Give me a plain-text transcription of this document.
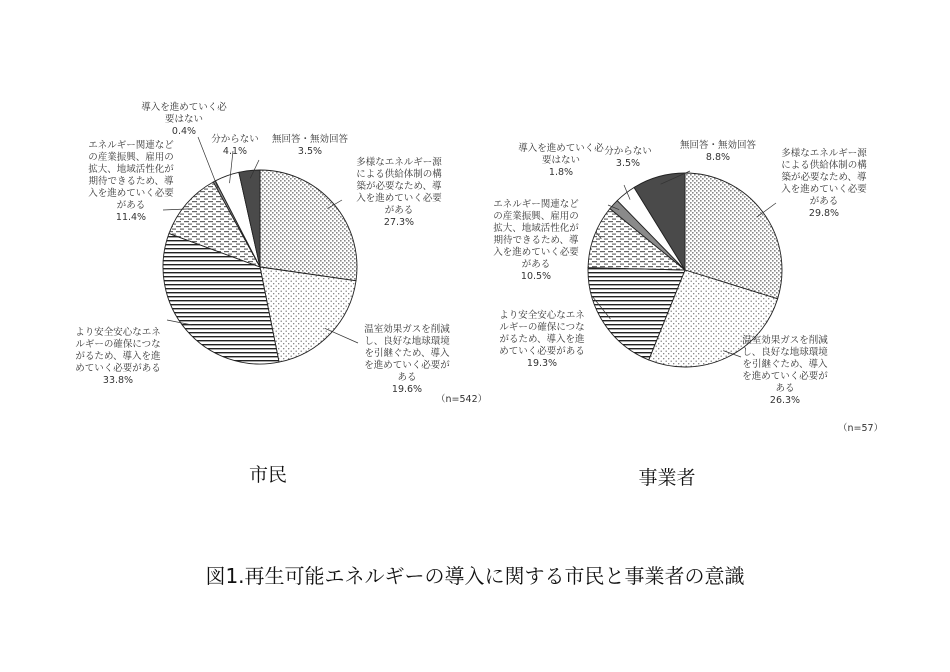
多様なエネルギー源による供給体制の構築が必要なため、導入を進めていく必要がある 27.3%
温室効果ガスを削減し、良好な地球環境を引継ぐため、導入を進めていく必要がある 19.6%
より安全安心なエネルギーの確保につながるため、導入を進めていく必要がある 33.8%
エネルギー関連などの産業振興、雇用の拡大、地域活性化が期待できるため、導入を進めていく必要がある 11.4%
導入を進めていく必要はない 0.4%
分からない 4.1%
無回答・無効回答 3.5%	多様なエネルギー源による供給体制の構築が必要なため、導入を進めていく必要がある 29.8%
温室効果ガスを削減し、良好な地球環境を引継ぐため、導入を進めていく必要がある 26.3%
より安全安心なエネルギーの確保につながるため、導入を進めていく必要がある 19.3%
エネルギー関連などの産業振興、雇用の拡大、地域活性化が期待できるため、導入を進めていく必要がある 10.5%
導入を進めていく必要はない 1.8%
分からない 3.5%
無回答・無効回答 8.8%
市民	事業者
（n=542）
（n=57）
図1.再生可能エネルギーの導入に関する市民と事業者の意識
